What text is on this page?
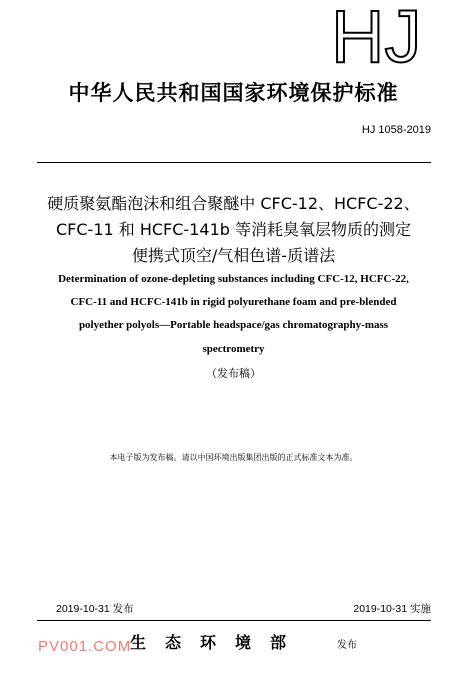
HJ
中华人民共和国国家环境保护标准
HJ 1058-2019
硬质聚氨酯泡沫和组合聚醚中 CFC-12、HCFC-22、
CFC-11 和 HCFC-141b 等消耗臭氧层物质的测定
便携式顶空/气相色谱-质谱法
Determination of ozone-depleting substances including CFC-12, HCFC-22,
CFC-11 and HCFC-141b in rigid polyurethane foam and pre-blended
polyether polyols—Portable headspace/gas chromatography-mass
spectrometry
（发布稿）
本电子版为发布稿。请以中国环境出版集团出版的正式标准文本为准。
2019-10-31 发布	2019-10-31 实施
生态环境部	发布
PV001.COM
